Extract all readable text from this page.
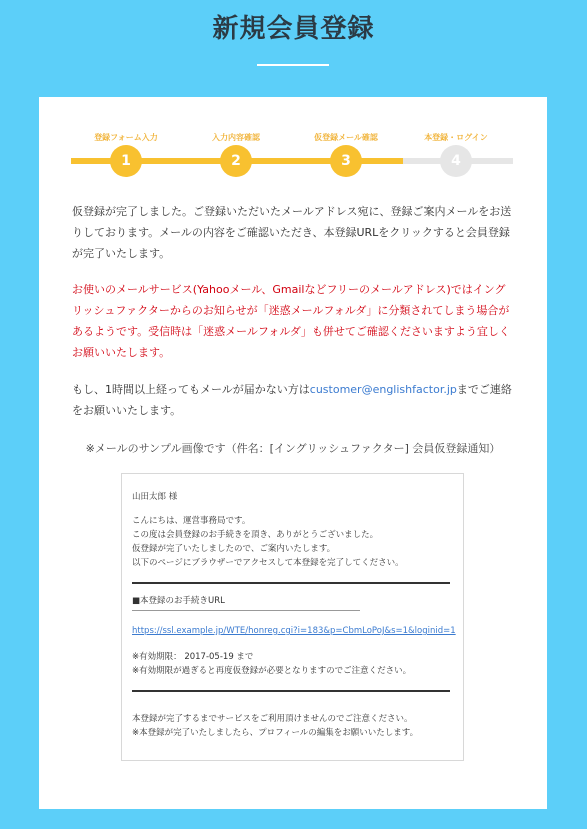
新規会員登録
登録フォーム入力
1
入力内容確認
2
仮登録メール確認
3
本登録・ログイン
4

仮登録が完了しました。ご登録いただいたメールアドレス宛に、登録ご案内メールをお送りしております。メールの内容をご確認いただき、本登録URLをクリックすると会員登録が完了いたします。

お使いのメールサービス(Yahooメール、Gmailなどフリーのメールアドレス)ではイングリッシュファクターからのお知らせが「迷惑メールフォルダ」に分類されてしまう場合があるようです。受信時は「迷惑メールフォルダ」も併せてご確認くださいますよう宜しくお願いいたします。

もし、1時間以上経ってもメールが届かない方はcustomer@englishfactor.jpまでご連絡をお願いいたします。

※メールのサンプル画像です（件名：[イングリッシュファクター] 会員仮登録通知）
山田太郎 様
こんにちは、運営事務局です。
この度は会員登録のお手続きを頂き、ありがとうございました。
仮登録が完了いたしましたので、ご案内いたします。
以下のページにブラウザーでアクセスして本登録を完了してください。
■本登録のお手続きURL
https://ssl.example.jp/WTE/honreg.cgi?i=183&p=CbmLoPoJ&s=1&loginid=1
※有効期限： 2017-05-19 まで
※有効期限が過ぎると再度仮登録が必要となりますのでご注意ください。
本登録が完了するまでサービスをご利用頂けませんのでご注意ください。
※本登録が完了いたしましたら、プロフィールの編集をお願いいたします。
